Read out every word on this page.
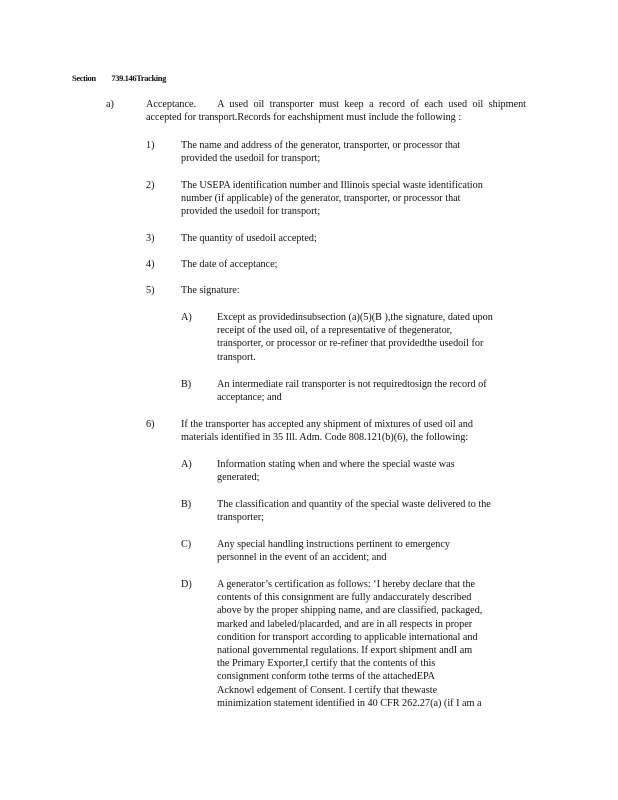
Section 739.146Tracking
a)	Acceptance. A used oil transporter must keep a record of each used oil shipment
accepted for transport.Records for eachshipment must include the following :
1)	The name and address of the generator, transporter, or processor that
provided the usedoil for transport;
2)	The USEPA identification number and Illinois special waste identification
number (if applicable) of the generator, transporter, or processor that
provided the usedoil for transport;
3)	The quantity of usedoil accepted;
4)	The date of acceptance;
5)	The signature:
A) Except as providedinsubsection (a)(5)(B ),the signature, dated upon
receipt of the used oil, of a representative of thegenerator,
transporter, or processor or re-refiner that providedthe usedoil for
transport.
B)	An intermediate rail transporter is not requiredtosign the record of
acceptance; and
6)	If the transporter has accepted any shipment of mixtures of used oil and
materials identified in 35 Ill. Adm. Code 808.121(b)(6), the following:
A) Information stating when and where the special waste was
generated;
B)	The classification and quantity of the special waste delivered to the
transporter;
C)	Any special handling instructions pertinent to emergency
personnel in the event of an accident; and
D) A generator’s certification as follows: ‘I hereby declare that the
contents of this consignment are fully andaccurately described
above by the proper shipping name, and are classified, packaged,
marked and labeled/placarded, and are in all respects in proper
condition for transport according to applicable international and
national governmental regulations. If export shipment andI am
the Primary Exporter,I certify that the contents of this
consignment conform tothe terms of the attachedEPA
Acknowl edgement of Consent. I certify that thewaste
minimization statement identified in 40 CFR 262.27(a) (if I am a
